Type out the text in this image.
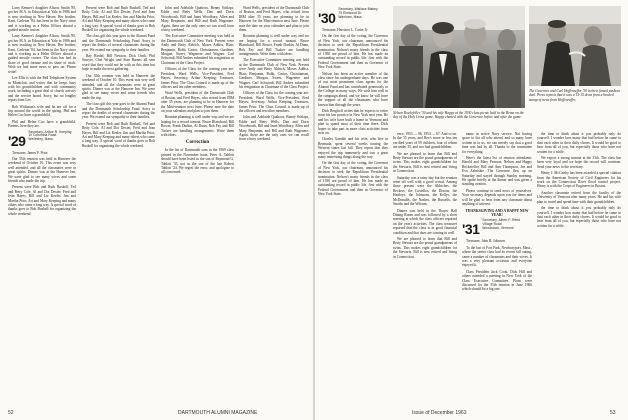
Larry Kenner's daughter Alison, Smith '85, got her M.A. in Education at Yale in 1986 and is now teaching in New Haven. Her brother, Kent, Carleton '84, has been in the Navy since and is working as a Helm Officer aboard a guided missile cruiser.

Larry Kenner's daughter Alison, Smith '85, got her M.A. in Education at Yale in 1986 and is now teaching in New Haven. Her brother, Kent, Carleton '84, has been in the Navy since and is working as a Helm Officer aboard a guided missile cruiser. The class has had its share of good fortune and its share of trials. Wish we had more news to pass on. Please write!

Lee Ellis is with the Bell Telephone System in Montclair, and writes that he keeps busy with his grandchildren and with community work, including a great deal of church activity and the service board. Sorry, but no lengthy report from Lee.

Bob Wichman's wife and he are off for a trip around the world in the spring. Phil and Helen Coo have a grandchild.

Phil and Helen Coo have a grandchild. Parents, here they are.

'29
Secretary, Arthur R. Keeping
10 Columbia Road
Wellesley, Mass.

Treasurer, James F. Prior

Our 35th reunion was held in Hanover the weekend of October 10. This event was very well attended, and all the classmates were in great spirits. Dinner was at the Hanover Inn. We were glad to see many wives and some friends who made the trip.

Present were Bob and Ruth Buskell, Ted and Betty Cole, Al and Dot Dexter, Fred and Jean Hayes, Bill and Liz Keeler, Jim and Martha Prior, Art and Mary Keeping and many others who came a long way. A special word of thanks goes to Bob Buskell for organizing the whole weekend.

Present were Bob and Ruth Buskell, Ted and Betty Cole, Al and Dot Dexter, Fred and Jean Hayes, Bill and Liz Keeler, Jim and Martha Prior, Art and Mary Keeping and many others who came a long way. A special word of thanks goes to Bob Buskell for organizing the whole weekend.

The class gift this year goes to the Alumni Fund and the Dartmouth Scholarship Fund. Sorry to report the deaths of several classmates during the year. We extend our sympathy to their families.

Ray Riedel, Bill Newton, Dick Orrik, Phil Sawyer, Chet Wright and Stan Barnes all sent word that they could not be with us this time but hope to make the next gathering.

Our 35th reunion was held in Hanover the weekend of October 10. This event was very well attended, and all the classmates were in great spirits. Dinner was at the Hanover Inn. We were glad to see many wives and some friends who made the trip.

The class gift this year goes to the Alumni Fund and the Dartmouth Scholarship Fund. Sorry to report the deaths of several classmates during the year. We extend our sympathy to their families.

Present were Bob and Ruth Buskell, Ted and Betty Cole, Al and Dot Dexter, Fred and Jean Hayes, Bill and Liz Keeler, Jim and Martha Prior, Art and Mary Keeping and many others who came a long way. A special word of thanks goes to Bob Buskell for organizing the whole weekend.

John and Adelaide Quaboos, Benny Schlaps, Eddie and Betty Wells, Dan and Doris Woodworth, Bill and Janet Woodbury, Allen and Mary Benjamin, and Bill and Ruth Wagenere. Again, these are the only ones we can recall from a busy weekend.

The Executive Committee meeting was held at the Dartmouth Club of New York. Present were Andy and Betty Aldrich, Moses Addiss, Blair, Benjamin, Bobb, Castor, Christiansen, Gardiner, Morgan, Sweet, Wagenere and Wagner. Carl Schwindt, Bill Andres submitted his resignation as Chairman of the Class Project.

Officers of the Class for the coming year are: President, Ward Wells; Vice-President, Fred Hayes; Secretary, Arthur Keeping; Treasurer, James Prior. The Class Council is made up of the officers and ten other members.

Ward Wells, president of the Dartmouth Club of Boston, and Fred Hayes, who retired from IBM after 35 years, are planning to be in Hanover for the Mini-reunion next June. Please note the date on your calendars and plan to join them.

Reunion planning is well under way and we are hoping for a record turnout. Bruce Blanchard, Bill Bower, Frank Durkin, Al Dunn, Bob Fay and Bill Tucker are handling arrangements. Write them with ideas.

Correction

In the list of Dartmouth sons in the 1969 class printed in the November issue, Peter A. Tablott should have been listed as the son of Raymond G. Tablott '35, not as the son of the late Robert Tablott '24. We regret the error, and apologize to all concerned.

Ward Wells, president of the Dartmouth Club of Boston, and Fred Hayes, who retired from IBM after 35 years, are planning to be in Hanover for the Mini-reunion next June. Please note the date on your calendars and plan to join them.

Reunion planning is well under way and we are hoping for a record turnout. Bruce Blanchard, Bill Bower, Frank Durkin, Al Dunn, Bob Fay and Bill Tucker are handling arrangements. Write them with ideas.

The Executive Committee meeting was held at the Dartmouth Club of New York. Present were Andy and Betty Aldrich, Moses Addiss, Blair, Benjamin, Bobb, Castor, Christiansen, Gardiner, Morgan, Sweet, Wagenere and Wagner. Carl Schwindt, Bill Andres submitted his resignation as Chairman of the Class Project.

Officers of the Class for the coming year are: President, Ward Wells; Vice-President, Fred Hayes; Secretary, Arthur Keeping; Treasurer, James Prior. The Class Council is made up of the officers and ten other members.

John and Adelaide Quaboos, Benny Schlaps, Eddie and Betty Wells, Dan and Doris Woodworth, Bill and Janet Woodbury, Allen and Mary Benjamin, and Bill and Ruth Wagenere. Again, these are the only ones we can recall from a busy weekend.

52	DARTMOUTH ALUMNI MAGAZINE
'30
Secretary, Wallace Blakey
79 Elmwood Dr.
Wenham, Mass.

Treasurer, Harrison L. Carter Jr.

On the first day of the voting, the Governor of New York, our chairman, announced his decision to seek the Republican Presidential nomination. Nelson's many friends in the class of 1930 are proud of him. He has made an outstanding record in public life, first with the Federal Government and then as Governor of New York State.

Nelson has been an active member of the class since his undergraduate days. He was one of our most prominent class agents for the Alumni Fund and has contributed generously to the College in many ways. We wish him well in the campaign ahead, and we know he will have the support of all the classmates who have known him through the years.

Dick Berghoff writes that he expects to retire from his law practice in New York next year. He and his wife have built a home in Vermont and plan to spend most of their time there. Dick hopes to take part in more class activities from now on.

Charles Gamble and his wife, who live in Bermuda, spent several weeks touring the Western states last fall. They report that they enjoyed the trip immensely and saw a great many interesting things along the way.

On the first day of the voting, the Governor of New York, our chairman, announced his decision to seek the Republican Presidential nomination. Nelson's many friends in the class of 1930 are proud of him. He has made an outstanding record in public life, first with the Federal Government and then as Governor of New York State.

Nelson Rockefeller '30 and his wife Happy at the 1930 class picnic held in the Bema on the day of the Holy Cross game. Happy chatted with the Governor before and after the game.
The Governor and Carl Hoffenreffer '30 in their famed pushcut duel. Press reports that it was a 15-15 draw from a howled stamp of news from Hoffenreffer.

ence, 1953 — 96, 1954 — 67. And so on. In the 35 years, and Bev's more or less ten verified years of 59 children, four of whom are under 35, and two had grandchildren.

We are pleased to learn that Bill and Betty Stewart are the proud grandparents of twins. This makes eight grandchildren for the Stewarts. Bill is now retired and living in Connecticut.

Saturday was a rainy day but the reunion went off well with a good crowd. Among those present were the Aldriches, the Beckers, the Costellos, the Dixons, the Hartleys, the Johnsons, the Kellys, the McDonalds, the Nashes, the Russells, the Smiths and the Wilsons.

Dinner was held in the Thayer Hall Dining Room and was followed by a short meeting at which the class officers reported on the year's activities. The class treasurer reported that the class is in good financial condition and that dues are coming in well.

We are pleased to learn that Bill and Betty Stewart are the proud grandparents of twins. This makes eight grandchildren for the Stewarts. Bill is now retired and living in Connecticut.

name in active Navy service. Not having space to list all who attend, and so many have written in to us, we can merely say that a good time was had by all. Thanks to the committee for everything.

Here's the latest list of reunion attendants: Harold and Mary Pearson, Nelson and Happy Rockefeller, Bill and Ann Thompson, Joe and Eva Zabriskie. The Governor flew up on Saturday and stayed through Sunday morning. He spoke briefly at the dinner and was given a standing ovation.

Please continue to send news of yourselves. Your secretary depends upon you for items and will be glad to hear from any classmate about anything of interest.

THANKSGIVING AND A HAPPY NEW YEAR!

'31
Secretary, Albert F. Reed
Village Road
Woodstock, Vermont

Treasurer, John R. Johnson

To the last of Fort Park, Newburyport, Mass., where the senior class had its recent fall outing, came a number of classmates and their wives. It was a very pleasant occasion and everyone enjoyed it.

Class President Jack Cook, Dick Hill and others attended a meeting in New York of the Class Executive Committee. Plans were discussed for the 35th reunion in June 1966 which should be a big one.

the time to think about it you probably only do yourself. I wonder how many that had before he came to dust each other in their daily chores. It would be good to hear from all of you, but especially those who have not written for a while.

We expect a strong turnout at the 35th. The class has been very loyal and we hope the record will continue. Send your news to the secretary.

Henry J. McCarthy has been awarded a special citation from the American Society of Civil Engineers for his work on the Connecticut River flood control project. Henry is with the Corps of Engineers in Boston.

Another classmate retired from the faculty of the University of Vermont after many years. He and his wife plan to travel and spend time with their grandchildren.

the time to think about it you probably only do yourself. I wonder how many that had before he came to dust each other in their daily chores. It would be good to hear from all of you, but especially those who have not written for a while.

Issue of December 1963	53
